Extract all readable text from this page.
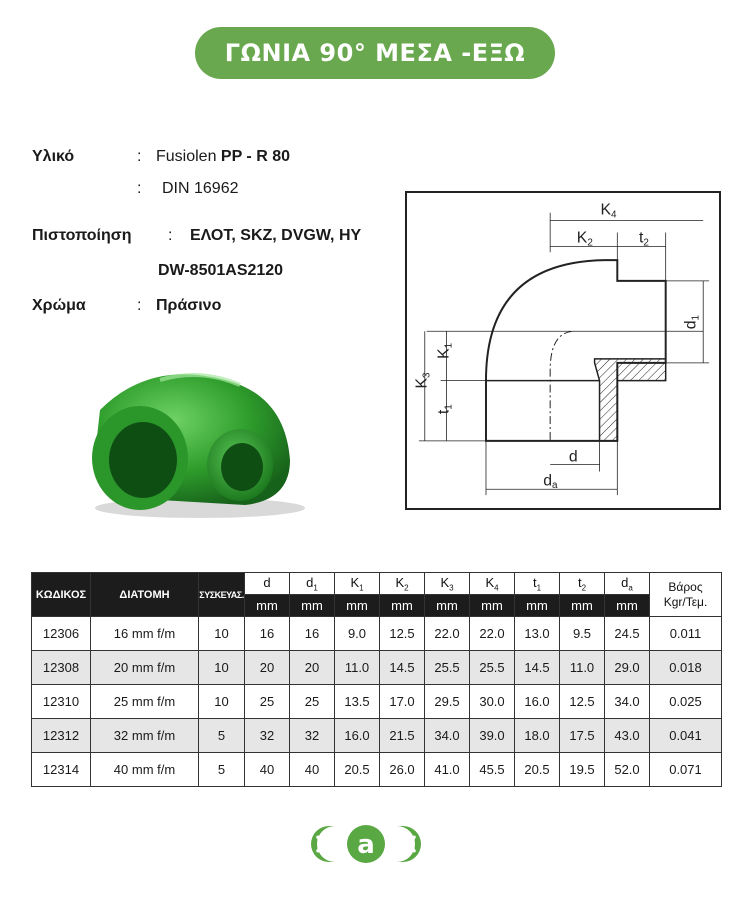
ΓΩΝΙΑ 90° ΜΕΣΑ -ΕΞΩ
Υλικό	: Fusiolen PP - R 80
: DIN 16962
Πιστοποίηση : ΕΛΟΤ, SKZ, DVGW, HY
DW-8501AS2120
Χρώμα	: Πράσινο
K4
K2	t2
d1
K3
K1
t1
d
da
ΚΩΔΙΚΟΣ	ΔΙΑΤΟΜΗ	ΣΥΣΚΕΥΑΣ.	d	$d_1$	$K_1$	$K_2$	$K_3$	$K_4$	$t_1$	$t_2$	$d_a$	Βάρος
Kgr/Τεμ.
			mm	mm	mm	mm	mm	mm	mm	mm	mm	
12306	16 mm f/m	10	16	16	9.0	12.5	22.0	22.0	13.0	9.5	24.5	0.011
12308	20 mm f/m	10	20	20	11.0	14.5	25.5	25.5	14.5	11.0	29.0	0.018
12310	25 mm f/m	10	25	25	13.5	17.0	29.5	30.0	16.0	12.5	34.0	0.025
12312	32 mm f/m	5	32	32	16.0	21.5	34.0	39.0	18.0	17.5	43.0	0.041
12314	40 mm f/m	5	40	40	20.5	26.0	41.0	45.5	20.5	19.5	52.0	0.071
a
